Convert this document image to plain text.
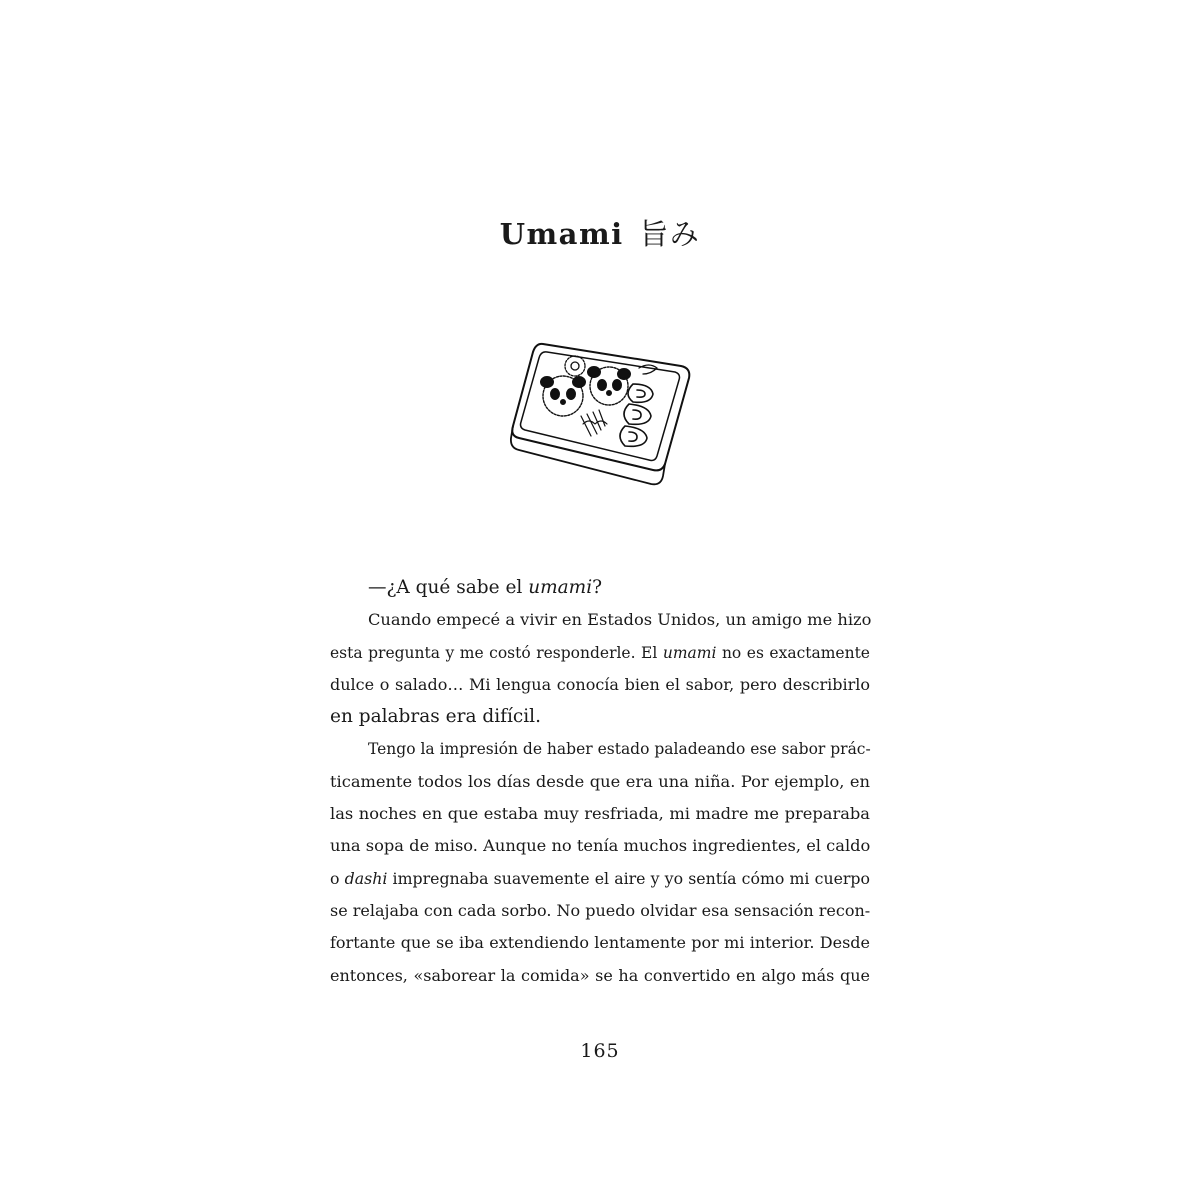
Umami 旨み
—¿A qué sabe el umami?
Cuando empecé a vivir en Estados Unidos, un amigo me hizo
esta pregunta y me costó responderle. El umami no es exactamente
dulce o salado… Mi lengua conocía bien el sabor, pero describirlo
en palabras era difícil.
Tengo la impresión de haber estado paladeando ese sabor prác-
ticamente todos los días desde que era una niña. Por ejemplo, en
las noches en que estaba muy resfriada, mi madre me preparaba
una sopa de miso. Aunque no tenía muchos ingredientes, el caldo
o dashi impregnaba suavemente el aire y yo sentía cómo mi cuerpo
se relajaba con cada sorbo. No puedo olvidar esa sensación recon-
fortante que se iba extendiendo lentamente por mi interior. Desde
entonces, «saborear la comida» se ha convertido en algo más que
165
